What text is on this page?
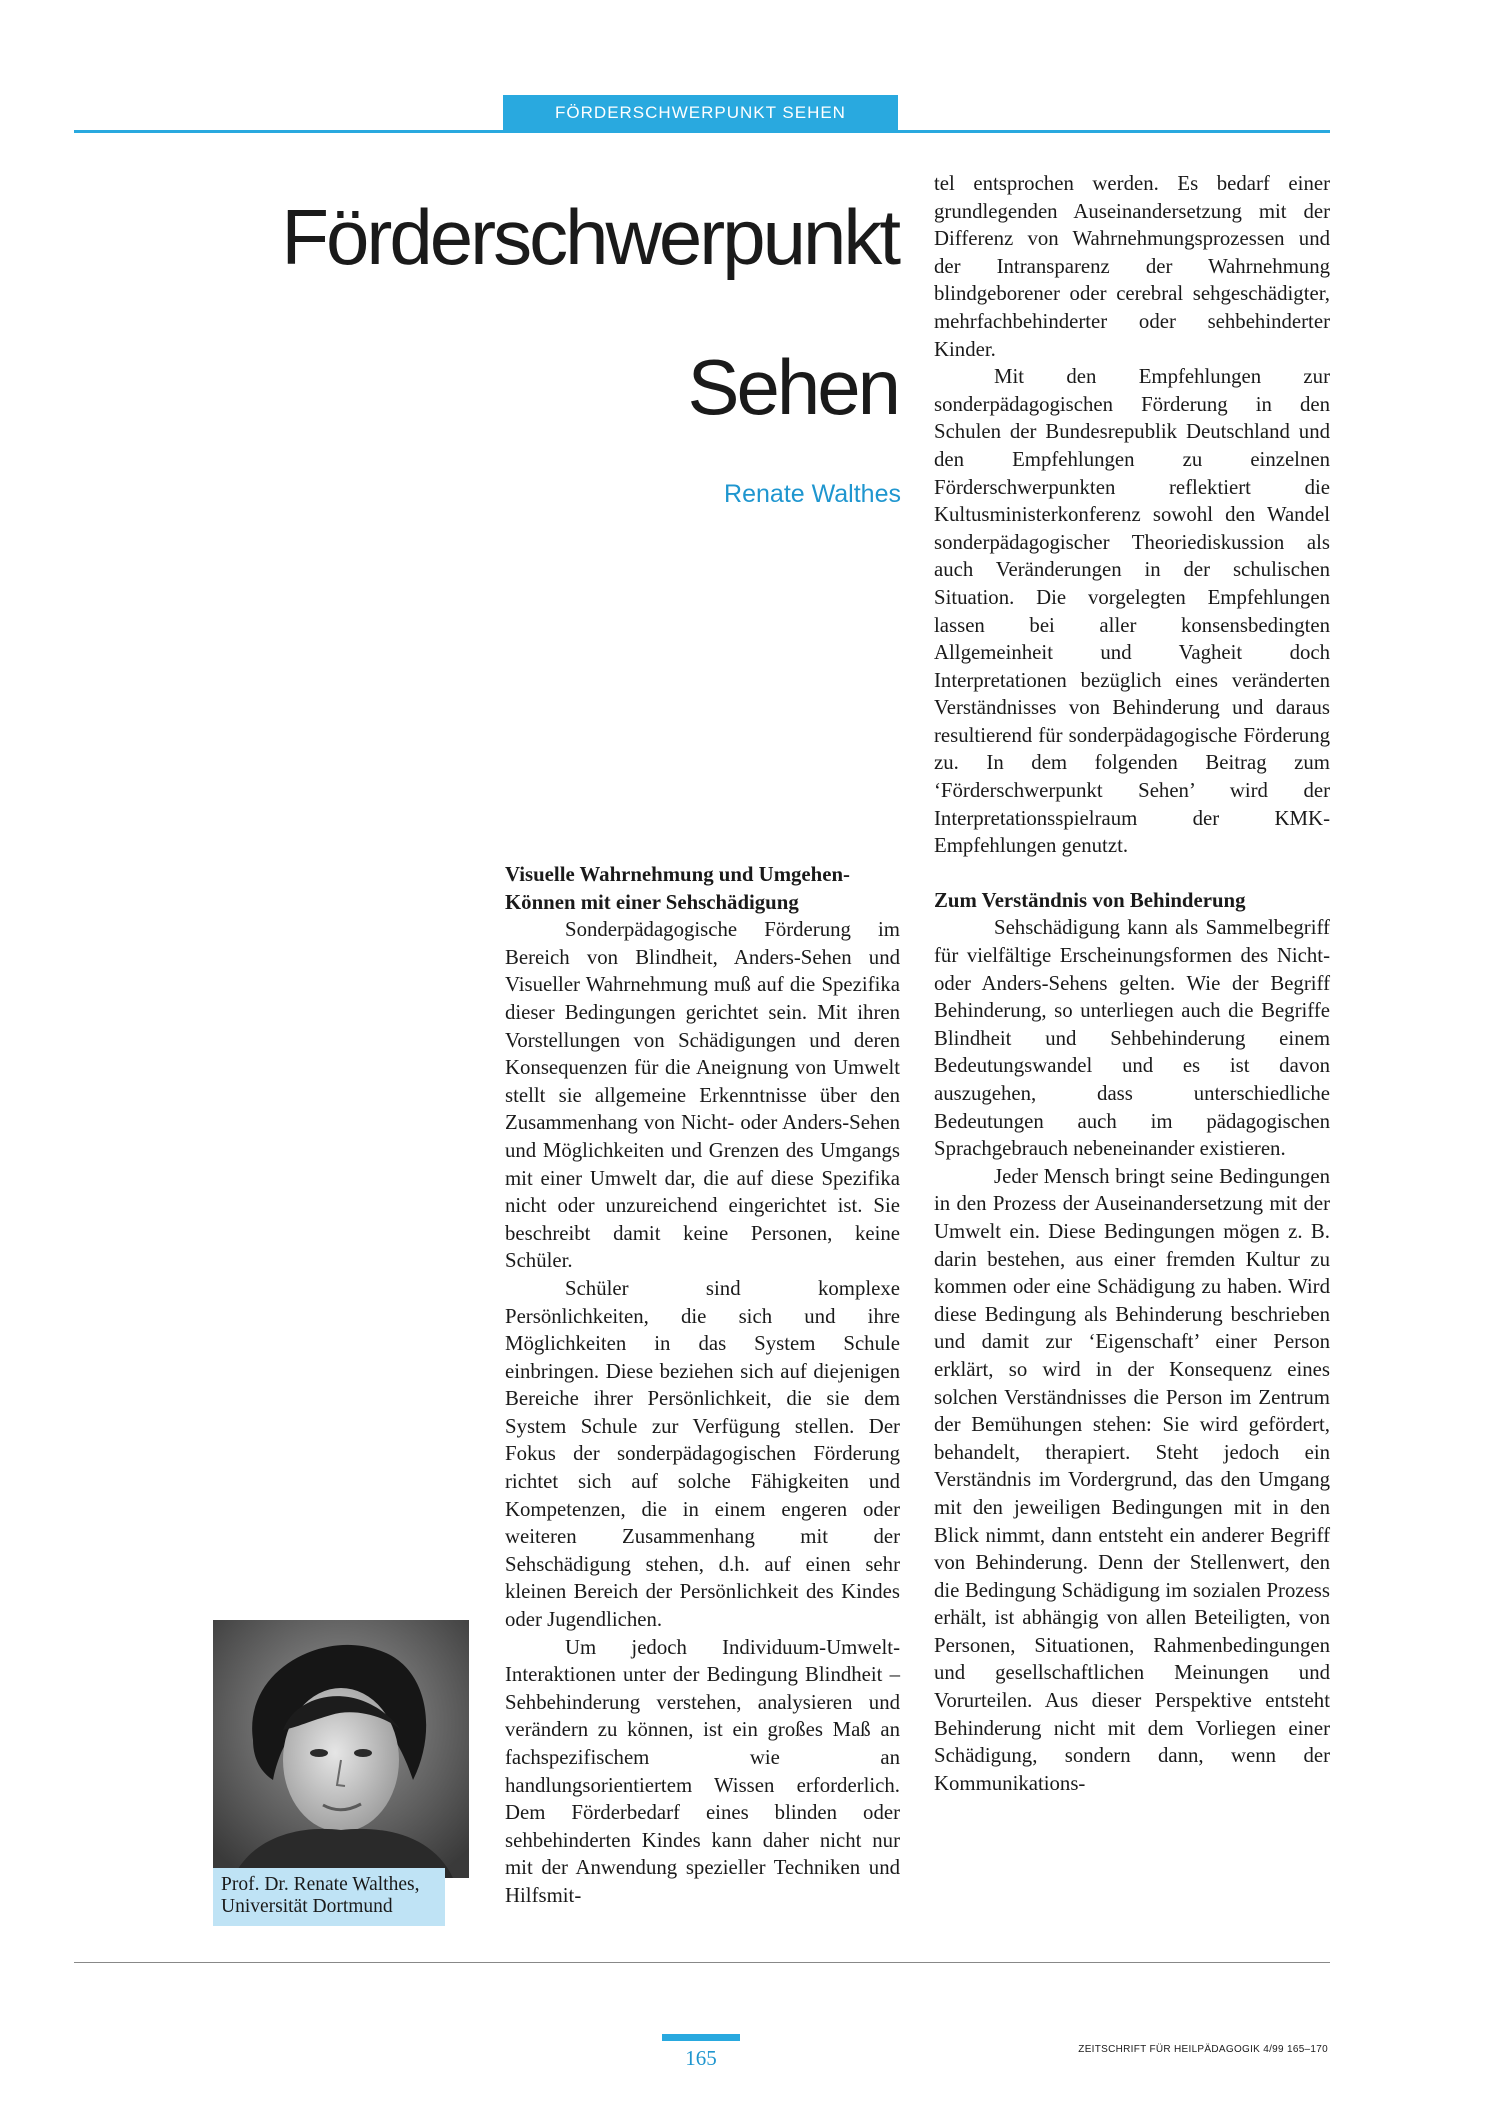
FÖRDERSCHWERPUNKT SEHEN
Förderschwerpunkt
Sehen
Renate Walthes
Visuelle Wahrnehmung und Umgehen-Können mit einer Sehschädigung

Sonderpädagogische Förderung im Bereich von Blindheit, Anders-Sehen und Visueller Wahrnehmung muß auf die Spezifika dieser Bedingungen gerichtet sein. Mit ihren Vorstellungen von Schädigungen und deren Konsequenzen für die Aneignung von Umwelt stellt sie allgemeine Erkenntnisse über den Zusammenhang von Nicht- oder Anders-Sehen und Möglichkeiten und Grenzen des Umgangs mit einer Umwelt dar, die auf diese Spezifika nicht oder unzureichend eingerichtet ist. Sie beschreibt damit keine Personen, keine Schüler.

Schüler sind komplexe Persönlichkeiten, die sich und ihre Möglichkeiten in das System Schule einbringen. Diese beziehen sich auf diejenigen Bereiche ihrer Persönlichkeit, die sie dem System Schule zur Verfügung stellen. Der Fokus der sonderpädagogischen Förderung richtet sich auf solche Fähigkeiten und Kompetenzen, die in einem engeren oder weiteren Zusammenhang mit der Sehschädigung stehen, d.h. auf einen sehr kleinen Bereich der Persönlichkeit des Kindes oder Jugendlichen.

Um jedoch Individuum-Umwelt-Interaktionen unter der Bedingung Blindheit – Sehbehinderung verstehen, analysieren und verändern zu können, ist ein großes Maß an fachspezifischem wie an handlungsorientiertem Wissen erforderlich. Dem Förderbedarf eines blinden oder sehbehinderten Kindes kann daher nicht nur mit der Anwendung spezieller Techniken und Hilfsmit-

tel entsprochen werden. Es bedarf einer grundlegenden Auseinandersetzung mit der Differenz von Wahrnehmungsprozessen und der Intransparenz der Wahrnehmung blindgeborener oder cerebral sehgeschädigter, mehrfachbehinderter oder sehbehinderter Kinder.

Mit den Empfehlungen zur sonderpädagogischen Förderung in den Schulen der Bundesrepublik Deutschland und den Empfehlungen zu einzelnen Förderschwerpunkten reflektiert die Kultusministerkonferenz sowohl den Wandel sonderpädagogischer Theoriediskussion als auch Veränderungen in der schulischen Situation. Die vorgelegten Empfehlungen lassen bei aller konsensbedingten Allgemeinheit und Vagheit doch Interpretationen bezüglich eines veränderten Verständnisses von Behinderung und daraus resultierend für sonderpädagogische Förderung zu. In dem folgenden Beitrag zum ‘Förderschwerpunkt Sehen’ wird der Interpretationsspielraum der KMK-Empfehlungen genutzt.

Zum Verständnis von Behinderung

Sehschädigung kann als Sammelbegriff für vielfältige Erscheinungsformen des Nicht- oder Anders-Sehens gelten. Wie der Begriff Behinderung, so unterliegen auch die Begriffe Blindheit und Sehbehinderung einem Bedeutungswandel und es ist davon auszugehen, dass unterschiedliche Bedeutungen auch im pädagogischen Sprachgebrauch nebeneinander existieren.

Jeder Mensch bringt seine Bedingungen in den Prozess der Auseinandersetzung mit der Umwelt ein. Diese Bedingungen mögen z. B. darin bestehen, aus einer fremden Kultur zu kommen oder eine Schädigung zu haben. Wird diese Bedingung als Behinderung beschrieben und damit zur ‘Eigenschaft’ einer Person erklärt, so wird in der Konsequenz eines solchen Verständnisses die Person im Zentrum der Bemühungen stehen: Sie wird gefördert, behandelt, therapiert. Steht jedoch ein Verständnis im Vordergrund, das den Umgang mit den jeweiligen Bedingungen mit in den Blick nimmt, dann entsteht ein anderer Begriff von Behinderung. Denn der Stellenwert, den die Bedingung Schädigung im sozialen Prozess erhält, ist abhängig von allen Beteiligten, von Personen, Situationen, Rahmenbedingungen und gesellschaftlichen Meinungen und Vorurteilen. Aus dieser Perspektive entsteht Behinderung nicht mit dem Vorliegen einer Schädigung, sondern dann, wenn der Kommunikations-

Prof. Dr. Renate Walthes,
Universität Dortmund
165	ZEITSCHRIFT FÜR HEILPÄDAGOGIK 4/99 165–170
